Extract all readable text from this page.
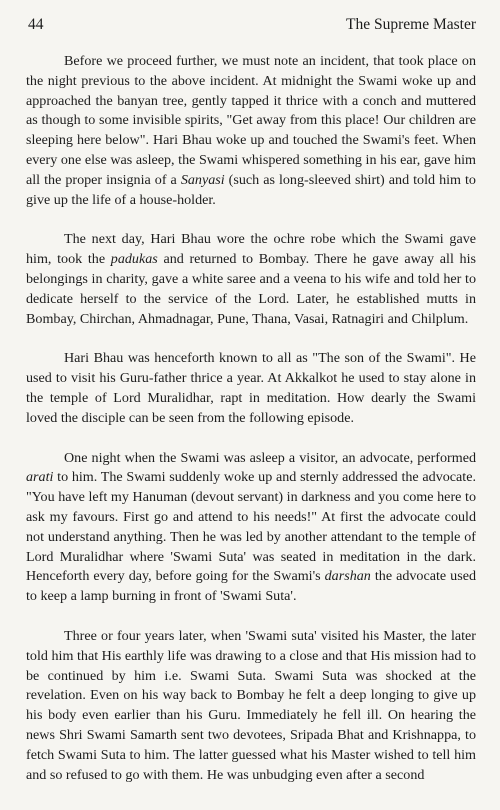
44	The Supreme Master

Before we proceed further, we must note an incident, that took place on the night previous to the above incident. At midnight the Swami woke up and approached the banyan tree, gently tapped it thrice with a conch and muttered as though to some invisible spirits, "Get away from this place! Our children are sleeping here below". Hari Bhau woke up and touched the Swami's feet. When every one else was asleep, the Swami whispered something in his ear, gave him all the proper insignia of a Sanyasi (such as long-sleeved shirt) and told him to give up the life of a house-holder.

The next day, Hari Bhau wore the ochre robe which the Swami gave him, took the padukas and returned to Bombay. There he gave away all his belongings in charity, gave a white saree and a veena to his wife and told her to dedicate herself to the service of the Lord. Later, he established mutts in Bombay, Chirchan, Ahmadnagar, Pune, Thana, Vasai, Ratnagiri and Chilplum.

Hari Bhau was henceforth known to all as "The son of the Swami". He used to visit his Guru-father thrice a year. At Akkalkot he used to stay alone in the temple of Lord Muralidhar, rapt in meditation. How dearly the Swami loved the disciple can be seen from the following episode.

One night when the Swami was asleep a visitor, an advocate, performed arati to him. The Swami suddenly woke up and sternly addressed the advocate. "You have left my Hanuman (devout servant) in darkness and you come here to ask my favours. First go and attend to his needs!" At first the advocate could not understand anything. Then he was led by another attendant to the temple of Lord Muralidhar where 'Swami Suta' was seated in meditation in the dark. Henceforth every day, before going for the Swami's darshan the advocate used to keep a lamp burning in front of 'Swami Suta'.

Three or four years later, when 'Swami suta' visited his Master, the later told him that His earthly life was drawing to a close and that His mission had to be continued by him i.e. Swami Suta. Swami Suta was shocked at the revelation. Even on his way back to Bombay he felt a deep longing to give up his body even earlier than his Guru. Immediately he fell ill. On hearing the news Shri Swami Samarth sent two devotees, Sripada Bhat and Krishnappa, to fetch Swami Suta to him. The latter guessed what his Master wished to tell him and so refused to go with them. He was unbudging even after a second
